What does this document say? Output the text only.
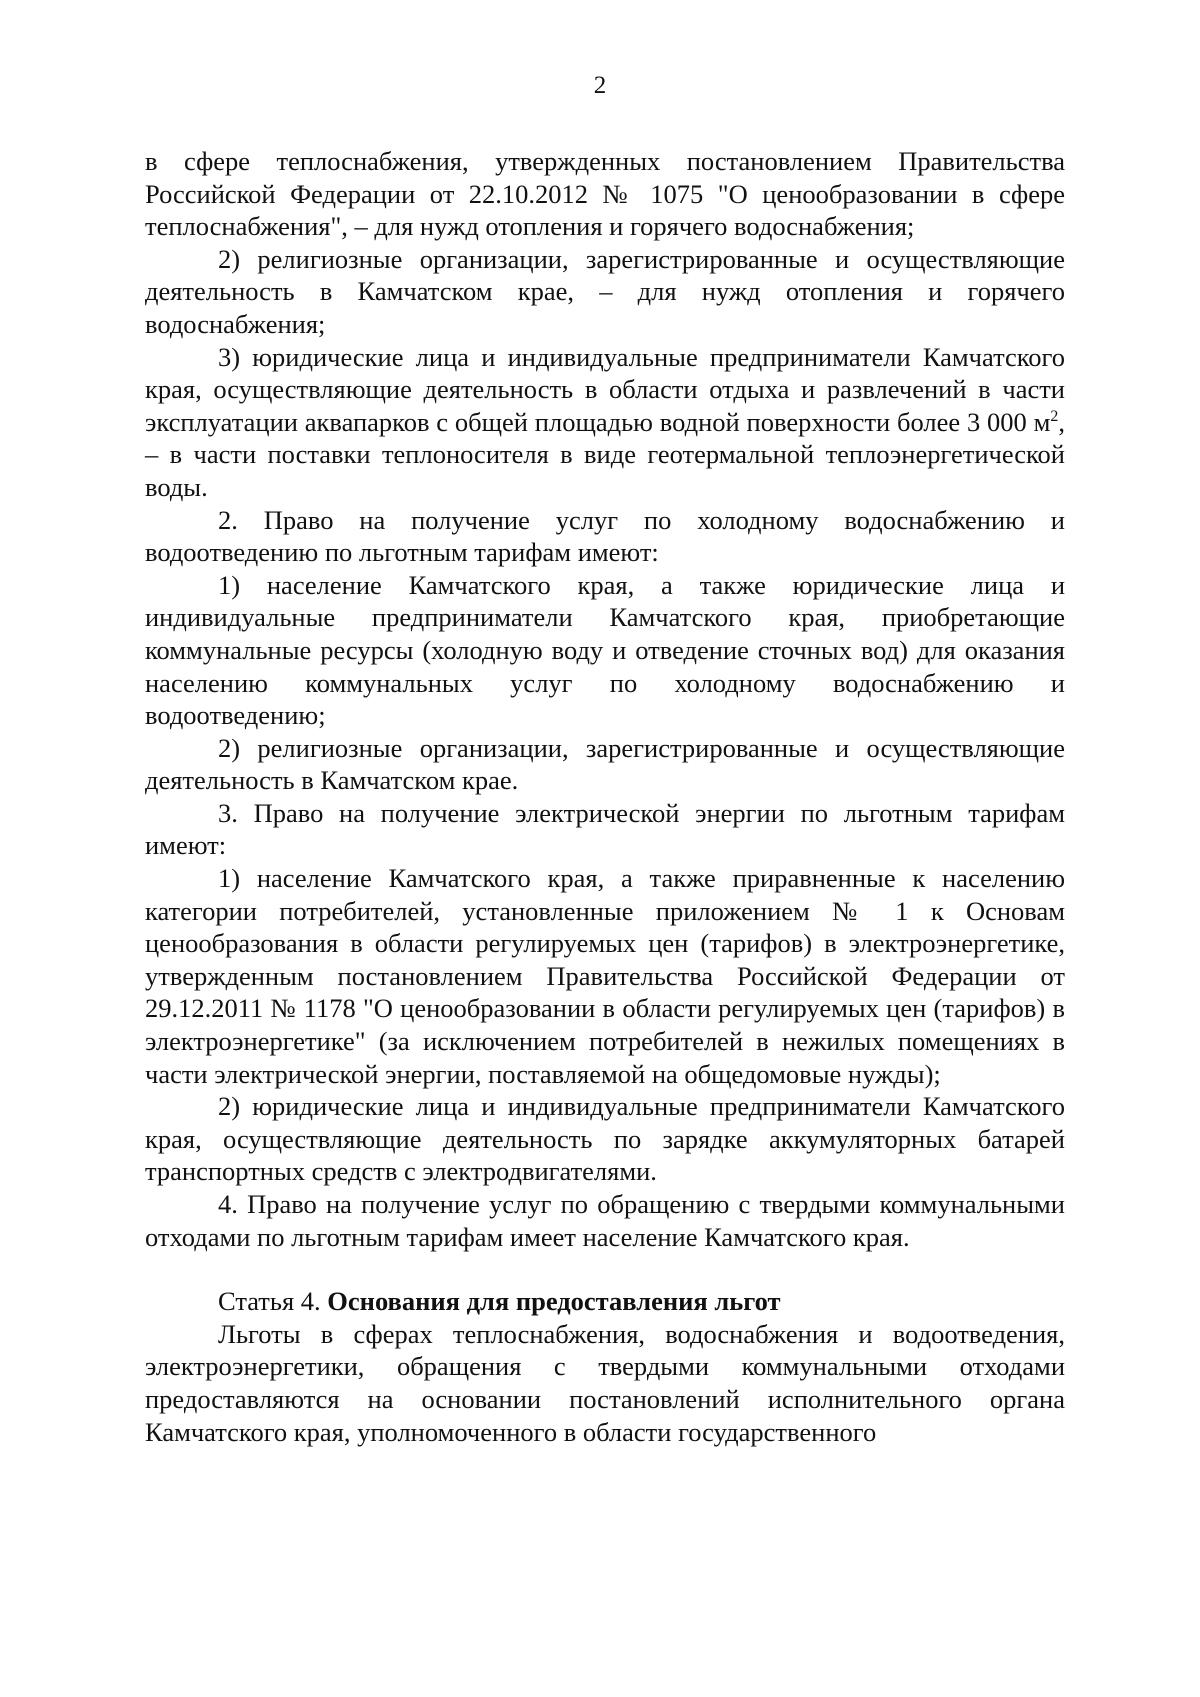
2

в сфере теплоснабжения, утвержденных постановлением Правительства Российской Федерации от 22.10.2012 № 1075 "О ценообразовании в сфере теплоснабжения", – для нужд отопления и горячего водоснабжения;

2) религиозные организации, зарегистрированные и осуществляющие деятельность в Камчатском крае, – для нужд отопления и горячего водоснабжения;

3) юридические лица и индивидуальные предприниматели Камчатского края, осуществляющие деятельность в области отдыха и развлечений в части эксплуатации аквапарков с общей площадью водной поверхности более 3 000 $м^2$, – в части поставки теплоносителя в виде геотермальной теплоэнергетической воды.

2. Право на получение услуг по холодному водоснабжению и водоотведению по льготным тарифам имеют:

1) население Камчатского края, а также юридические лица и индивидуальные предприниматели Камчатского края, приобретающие коммунальные ресурсы (холодную воду и отведение сточных вод) для оказания населению коммунальных услуг по холодному водоснабжению и водоотведению;

2) религиозные организации, зарегистрированные и осуществляющие деятельность в Камчатском крае.

3. Право на получение электрической энергии по льготным тарифам имеют:

1) население Камчатского края, а также приравненные к населению категории потребителей, установленные приложением № 1 к Основам ценообразования в области регулируемых цен (тарифов) в электроэнергетике, утвержденным постановлением Правительства Российской Федерации от 29.12.2011 № 1178 "О ценообразовании в области регулируемых цен (тарифов) в электроэнергетике" (за исключением потребителей в нежилых помещениях в части электрической энергии, поставляемой на общедомовые нужды);

2) юридические лица и индивидуальные предприниматели Камчатского края, осуществляющие деятельность по зарядке аккумуляторных батарей транспортных средств с электродвигателями.

4. Право на получение услуг по обращению с твердыми коммунальными отходами по льготным тарифам имеет население Камчатского края.

Статья 4. Основания для предоставления льгот

Льготы в сферах теплоснабжения, водоснабжения и водоотведения, электроэнергетики, обращения с твердыми коммунальными отходами предоставляются на основании постановлений исполнительного органа Камчатского края, уполномоченного в области государственного
